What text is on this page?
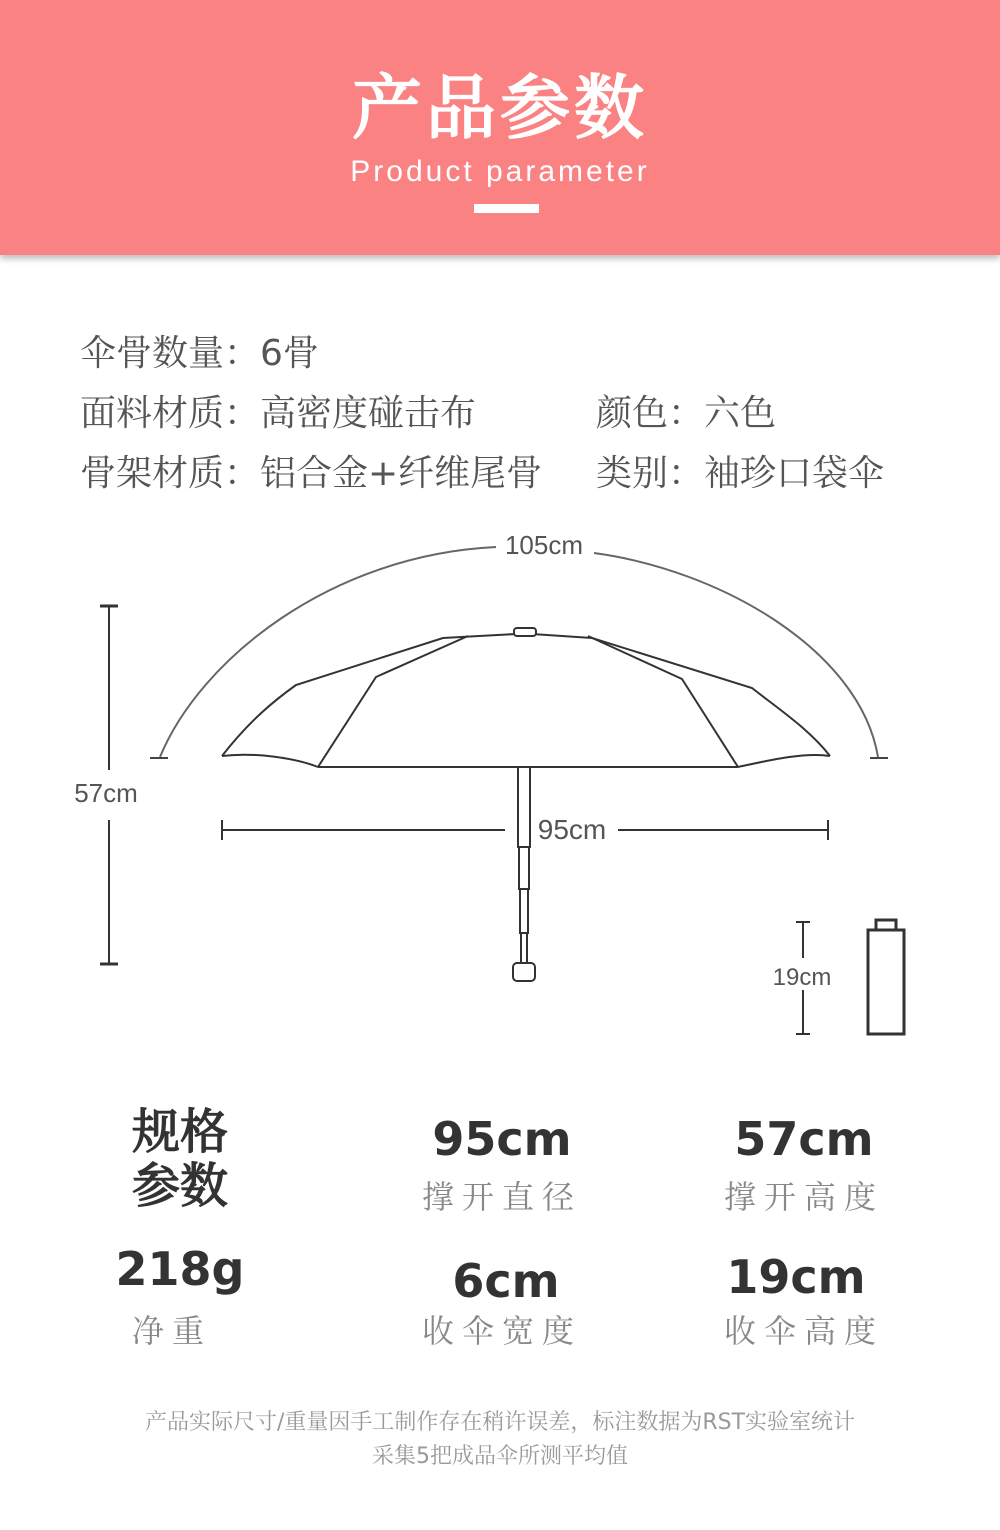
产品参数
Product parameter
伞骨数量：6骨
面料材质：高密度碰击布	颜色：六色
骨架材质：铝合金+纤维尾骨 类别：袖珍口袋伞
105cm
57cm
95cm
19cm
规格
参数
95cm
撑开直径
57cm
撑开高度
218g
净重
6cm
收伞宽度
19cm
收伞高度
产品实际尺寸/重量因手工制作存在稍许误差，标注数据为RST实验室统计
采集5把成品伞所测平均值
